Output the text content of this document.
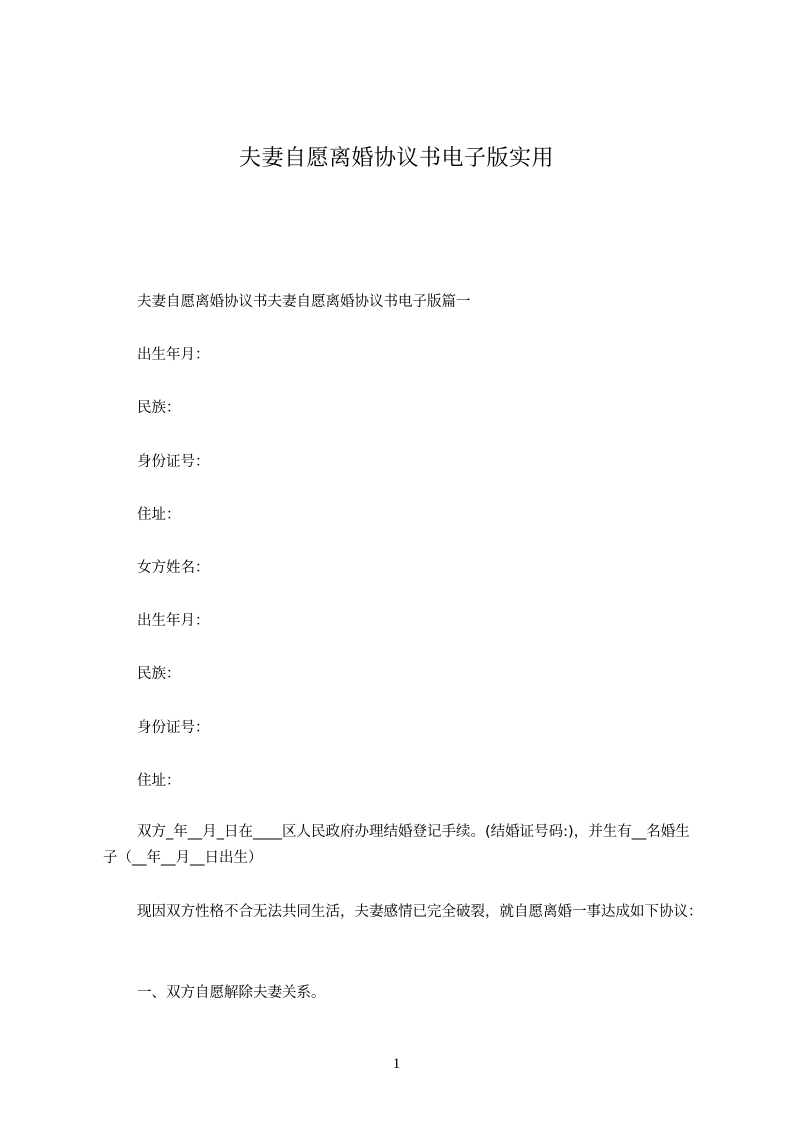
夫妻自愿离婚协议书电子版实用
夫妻自愿离婚协议书夫妻自愿离婚协议书电子版篇一
出生年月：
民族：
身份证号：
住址：
女方姓名：
出生年月：
民族：
身份证号：
住址：
双方_年__月_日在____区人民政府办理结婚登记手续。(结婚证号码:)，并生有__名婚生子（__年__月__日出生）
现因双方性格不合无法共同生活，夫妻感情已完全破裂，就自愿离婚一事达成如下协议：
一、双方自愿解除夫妻关系。
1
